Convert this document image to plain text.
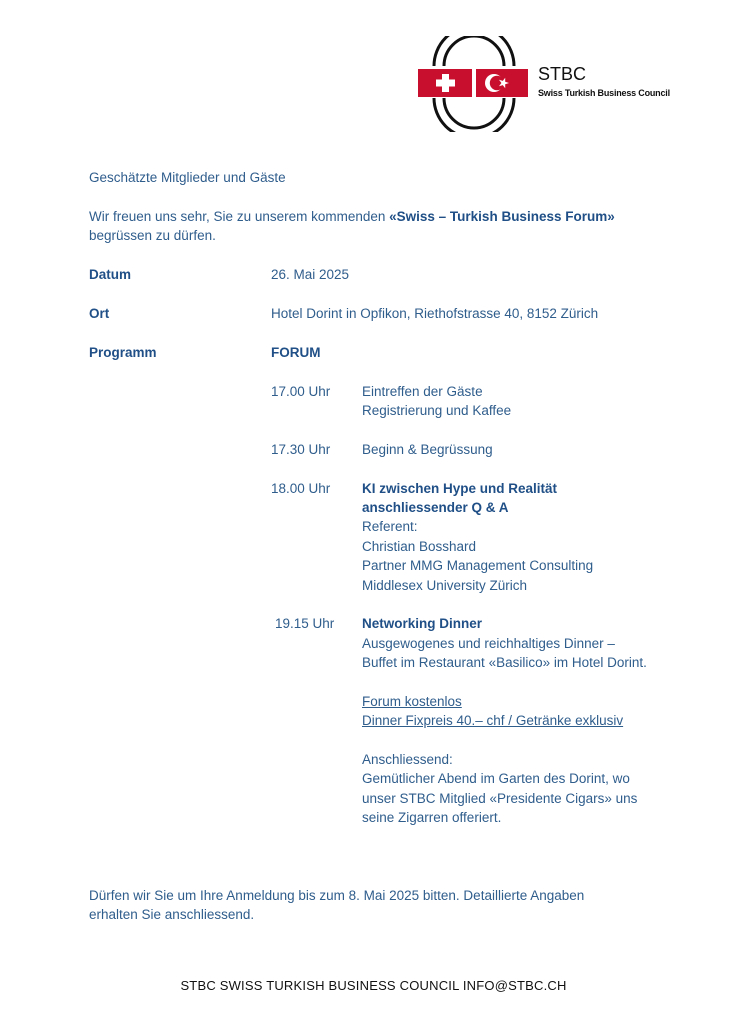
STBC
Swiss Turkish Business Council
Geschätzte Mitglieder und Gäste
Wir freuen uns sehr, Sie zu unserem kommenden «Swiss – Turkish Business Forum»
begrüssen zu dürfen.
Datum	26. Mai 2025
Ort	Hotel Dorint in Opfikon, Riethofstrasse 40, 8152 Zürich
Programm	FORUM
17.00 Uhr Eintreffen der Gäste
Registrierung und Kaffee
17.30 Uhr Beginn & Begrüssung
18.00 Uhr KI zwischen Hype und Realität
anschliessender Q & A
Referent:
Christian Bosshard
Partner MMG Management Consulting
Middlesex University Zürich
19.15 Uhr Networking Dinner
Ausgewogenes und reichhaltiges Dinner –
Buffet im Restaurant «Basilico» im Hotel Dorint.
Forum kostenlos
Dinner Fixpreis 40.– chf / Getränke exklusiv
Anschliessend:
Gemütlicher Abend im Garten des Dorint, wo
unser STBC Mitglied «Presidente Cigars» uns
seine Zigarren offeriert.
Dürfen wir Sie um Ihre Anmeldung bis zum 8. Mai 2025 bitten. Detaillierte Angaben
erhalten Sie anschliessend.
STBC SWISS TURKISH BUSINESS COUNCIL INFO@STBC.CH
